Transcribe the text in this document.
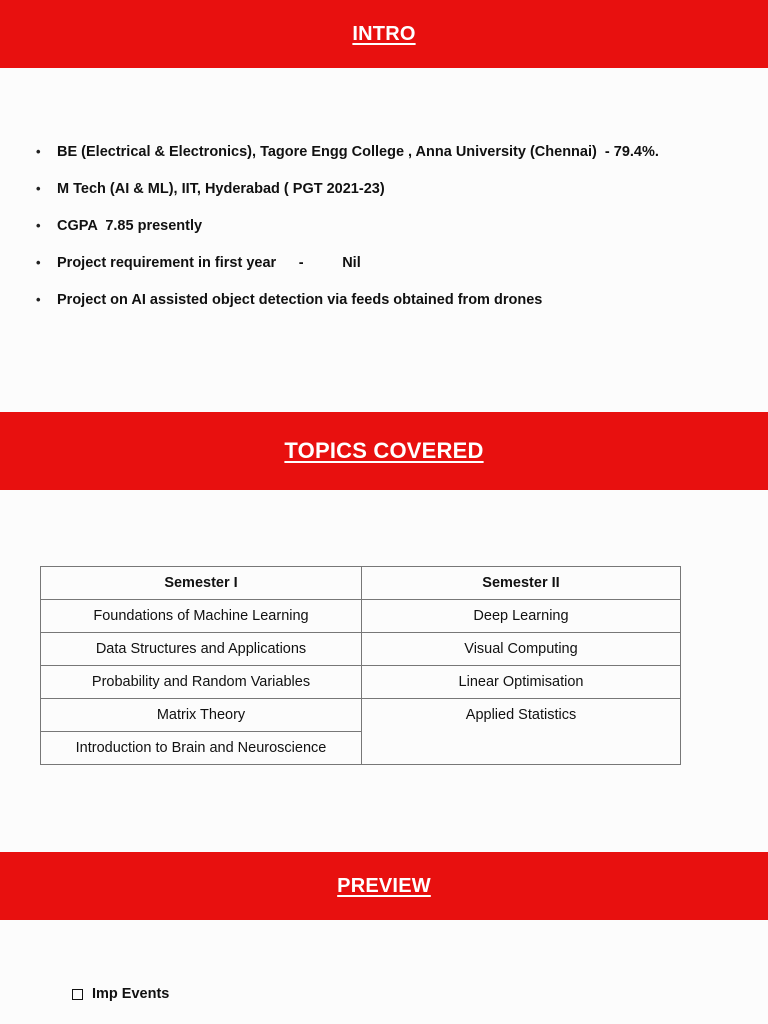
INTRO
•	BE (Electrical & Electronics), Tagore Engg College , Anna University (Chennai)  - 79.4%.
•	M Tech (AI & ML), IIT, Hyderabad ( PGT 2021-23)
•	CGPA  7.85 presently
•	Project requirement in first year	-	Nil
•	Project on AI assisted object detection via feeds obtained from drones
TOPICS COVERED
Semester I	Semester II
Foundations of Machine Learning	Deep Learning
Data Structures and Applications	Visual Computing
Probability and Random Variables	Linear Optimisation
Matrix Theory	Applied Statistics
Introduction to Brain and Neuroscience	
PREVIEW
Imp Events
